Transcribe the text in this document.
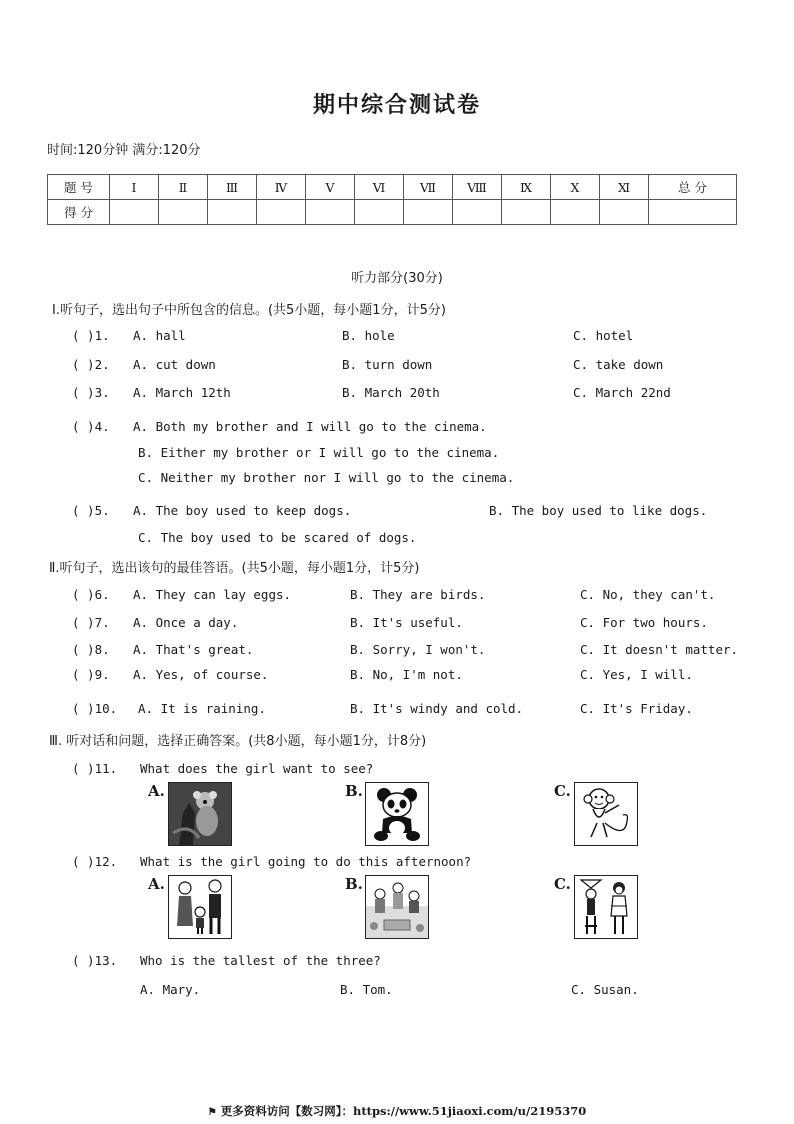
期中综合测试卷
时间:120分钟 满分:120分
题 号	Ⅰ	Ⅱ	Ⅲ	Ⅳ	Ⅴ	Ⅵ	Ⅶ	Ⅷ	Ⅸ	Ⅹ	Ⅺ	总 分
得 分												
听力部分(30分)
Ⅰ.听句子，选出句子中所包含的信息。(共5小题，每小题1分，计5分)
( )1. A. hall	B. hole	C. hotel
( )2. A. cut down	B. turn down	C. take down
( )3. A. March 12th	B. March 20th	C. March 22nd
( )4. A. Both my brother and I will go to the cinema.
B. Either my brother or I will go to the cinema.
C. Neither my brother nor I will go to the cinema.
( )5. A. The boy used to keep dogs.	B. The boy used to like dogs.
C. The boy used to be scared of dogs.
Ⅱ.听句子，选出该句的最佳答语。(共5小题，每小题1分，计5分)
( )6. A. They can lay eggs.	B. They are birds.	C. No, they can't.
( )7. A. Once a day.	B. It's useful.	C. For two hours.
( )8. A. That's great.	B. Sorry, I won't.	C. It doesn't matter.
( )9. A. Yes, of course.	B. No, I'm not.	C. Yes, I will.
( )10. A. It is raining.	B. It's windy and cold.	C. It's Friday.
Ⅲ. 听对话和问题，选择正确答案。(共8小题，每小题1分，计8分)
( )11. What does the girl want to see?
A.	B.	C.
( )12. What is the girl going to do this afternoon?
A.	B.	C.
( )13. Who is the tallest of the three?
A. Mary.	B. Tom.	C. Susan.
⚑ 更多资料访问【数习网】：https://www.51jiaoxi.com/u/2195370
